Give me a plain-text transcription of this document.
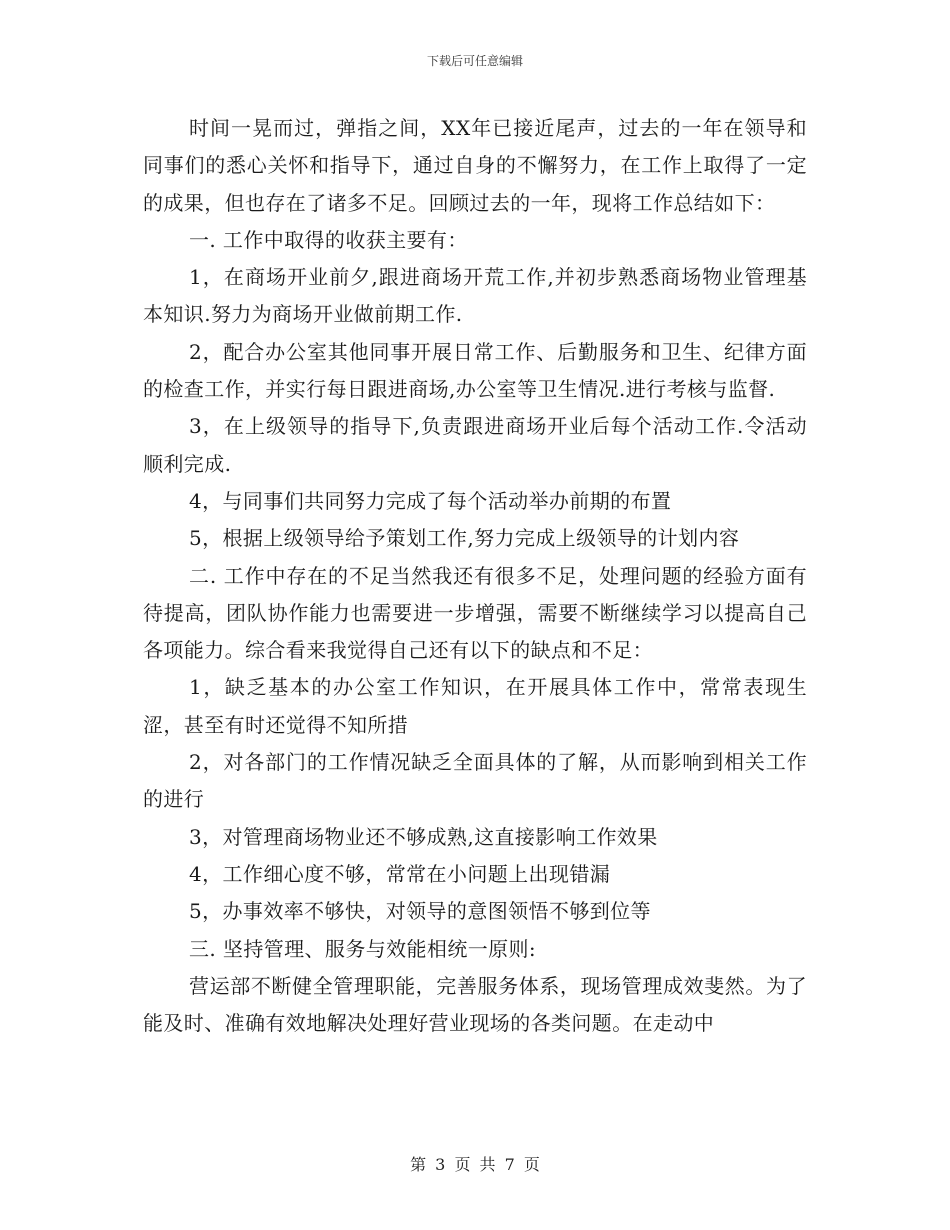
下载后可任意编辑

时间一晃而过，弹指之间，XX年已接近尾声，过去的一年在领导和同事们的悉心关怀和指导下，通过自身的不懈努力，在工作上取得了一定的成果，但也存在了诸多不足。回顾过去的一年，现将工作总结如下：

一. 工作中取得的收获主要有：

1，在商场开业前夕,跟进商场开荒工作,并初步熟悉商场物业管理基本知识.努力为商场开业做前期工作.

2，配合办公室其他同事开展日常工作、后勤服务和卫生、纪律方面的检查工作，并实行每日跟进商场,办公室等卫生情况.进行考核与监督.

3，在上级领导的指导下,负责跟进商场开业后每个活动工作.令活动顺利完成.

4，与同事们共同努力完成了每个活动举办前期的布置

5，根据上级领导给予策划工作,努力完成上级领导的计划内容

二. 工作中存在的不足当然我还有很多不足，处理问题的经验方面有待提高，团队协作能力也需要进一步增强，需要不断继续学习以提高自己各项能力。综合看来我觉得自己还有以下的缺点和不足：

1，缺乏基本的办公室工作知识，在开展具体工作中，常常表现生涩，甚至有时还觉得不知所措

2，对各部门的工作情况缺乏全面具体的了解，从而影响到相关工作的进行

3，对管理商场物业还不够成熟,这直接影响工作效果

4，工作细心度不够，常常在小问题上出现错漏

5，办事效率不够快，对领导的意图领悟不够到位等

三. 坚持管理、服务与效能相统一原则:

营运部不断健全管理职能，完善服务体系，现场管理成效斐然。为了能及时、准确有效地解决处理好营业现场的各类问题。在走动中

第 3 页 共 7 页
